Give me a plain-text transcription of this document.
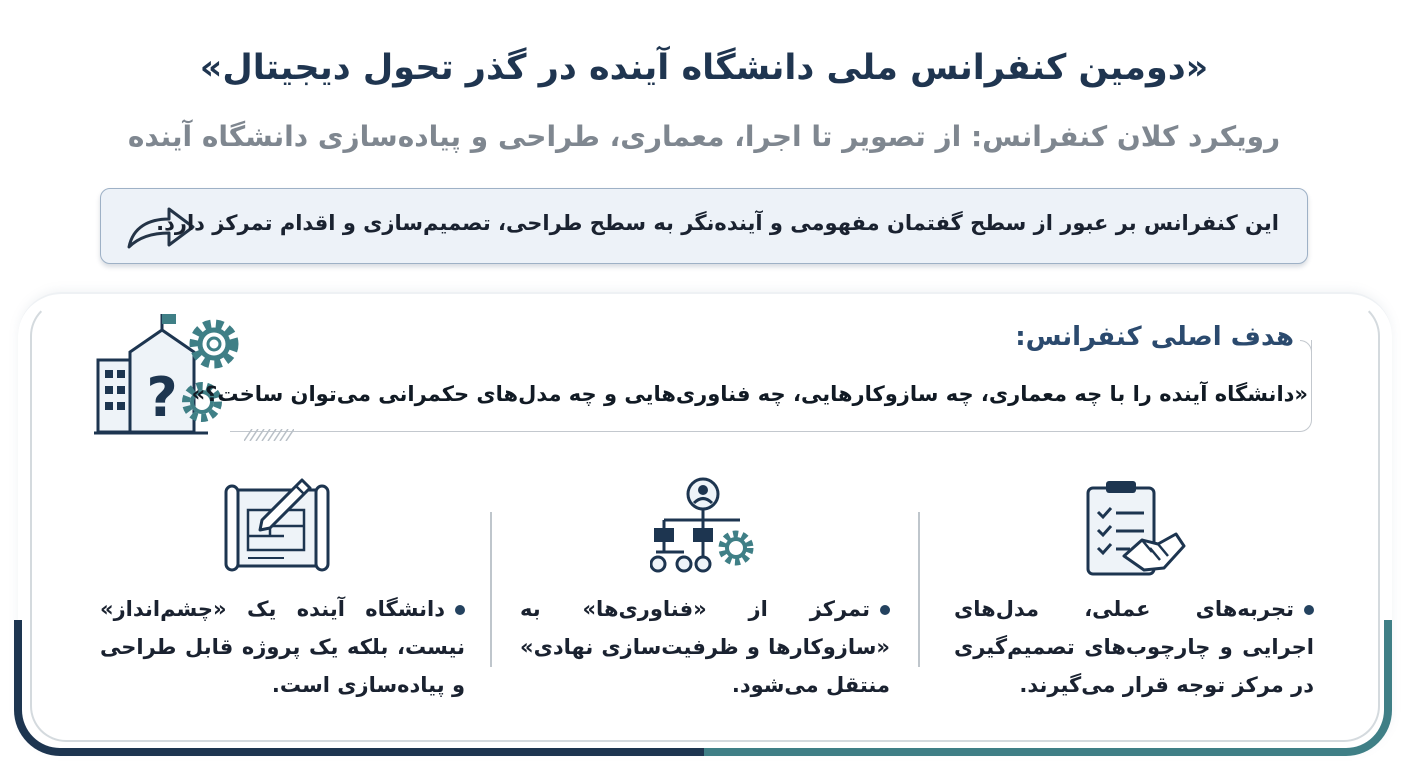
«دومین کنفرانس ملی دانشگاه آینده در گذر تحول دیجیتال»
رویکرد کلان کنفرانس: از تصویر تا اجرا، معماری، طراحی و پیاده‌سازی دانشگاه آینده
این کنفرانس بر عبور از سطح گفتمان مفهومی و آینده‌نگر به سطح طراحی، تصمیم‌سازی و اقدام تمرکز دارد.
?
هدف اصلی کنفرانس:
«دانشگاه آینده را با چه معماری، چه سازوکارهایی، چه فناوری‌هایی و چه مدل‌های حکمرانی می‌توان ساخت؟»
تجربه‌های عملی، مدل‌های اجرایی و چارچوب‌های تصمیم‌گیری در مرکز توجه قرار می‌گیرند.
تمرکز از «فناوری‌ها» به «سازوکارها و ظرفیت‌سازی نهادی» منتقل می‌شود.
دانشگاه آینده یک «چشم‌انداز» نیست، بلکه یک پروژه قابل طراحی و پیاده‌سازی است.
